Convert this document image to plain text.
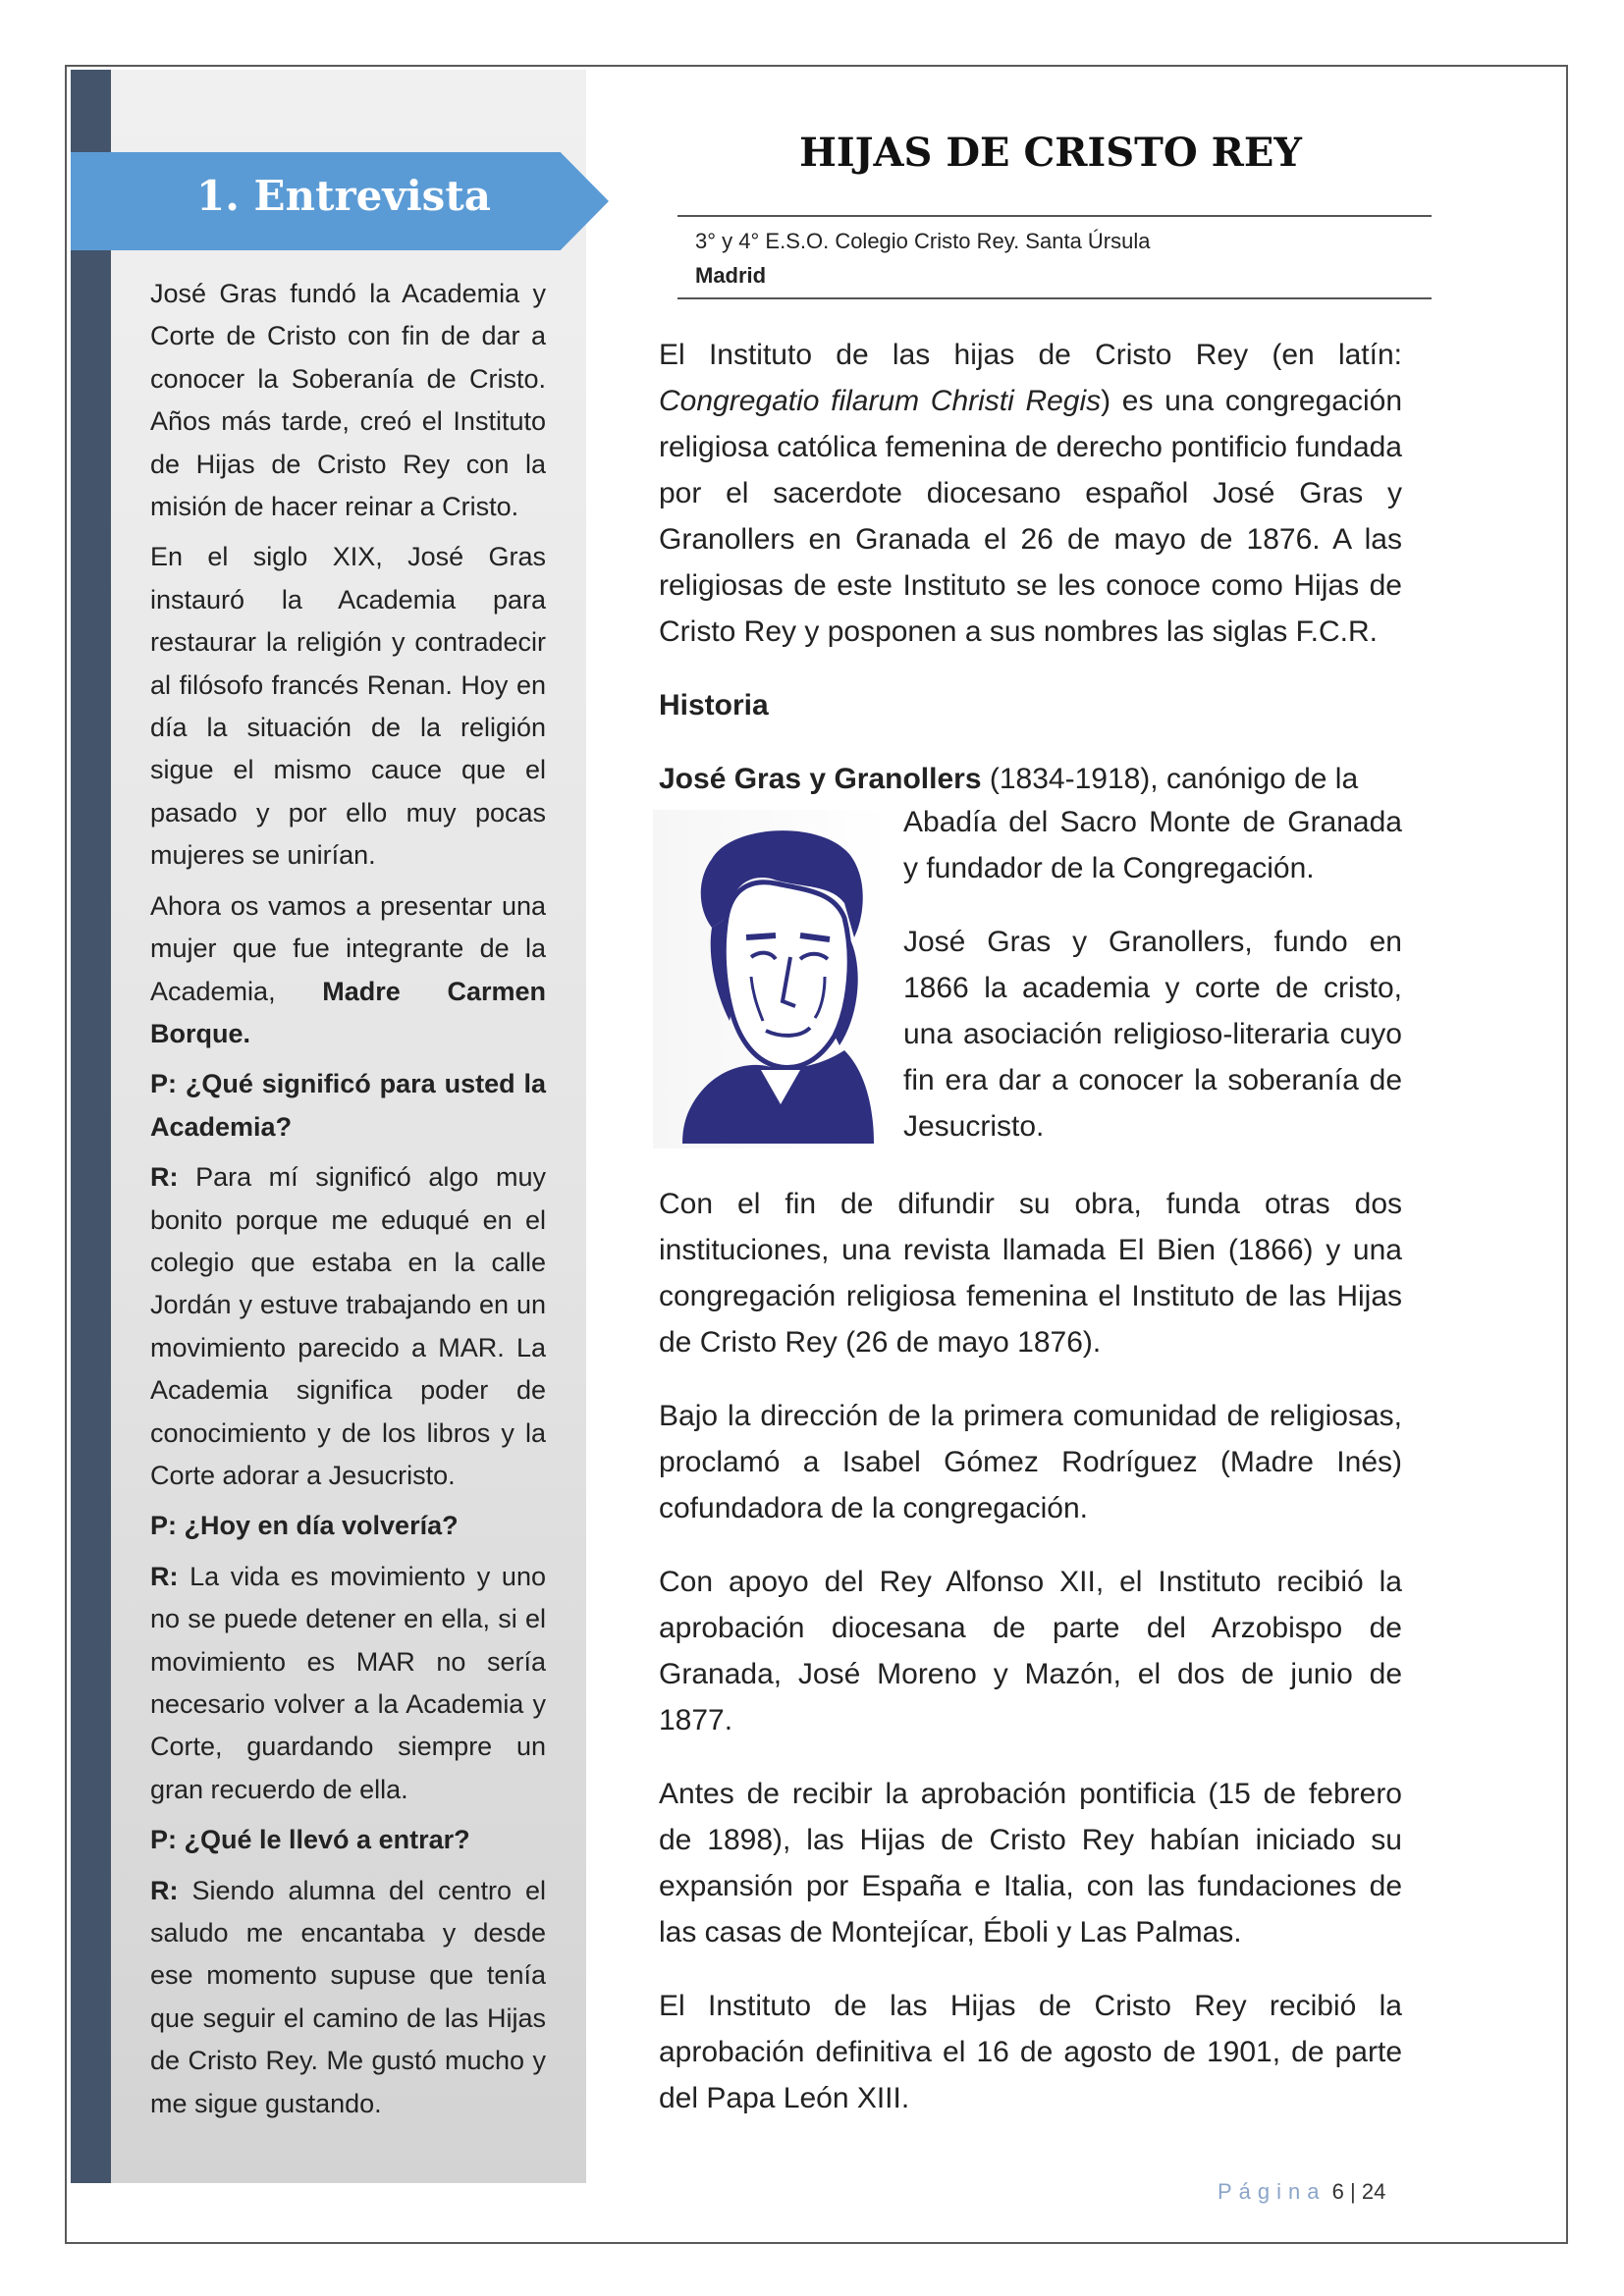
1. Entrevista

José Gras fundó la Academia y Corte de Cristo con fin de dar a conocer la Soberanía de Cristo. Años más tarde, creó el Instituto de Hijas de Cristo Rey con la misión de hacer reinar a Cristo.

En el siglo XIX, José Gras instauró la Academia para restaurar la religión y contradecir al filósofo francés Renan. Hoy en día la situación de la religión sigue el mismo cauce que el pasado y por ello muy pocas mujeres se unirían.

Ahora os vamos a presentar una mujer que fue integrante de la Academia, Madre Carmen Borque.

P: ¿Qué significó para usted la Academia?

R: Para mí significó algo muy bonito porque me eduqué en el colegio que estaba en la calle Jordán y estuve trabajando en un movimiento parecido a MAR. La Academia significa poder de conocimiento y de los libros y la Corte adorar a Jesucristo.

P: ¿Hoy en día volvería?

R: La vida es movimiento y uno no se puede detener en ella, si el movimiento es MAR no sería necesario volver a la Academia y Corte, guardando siempre un gran recuerdo de ella.

P: ¿Qué le llevó a entrar?

R: Siendo alumna del centro el saludo me encantaba y desde ese momento supuse que tenía que seguir el camino de las Hijas de Cristo Rey. Me gustó mucho y me sigue gustando.

HIJAS DE CRISTO REY
3° y 4° E.S.O. Colegio Cristo Rey. Santa Úrsula
Madrid

El Instituto de las hijas de Cristo Rey (en latín: Congregatio filarum Christi Regis) es una congregación religiosa católica femenina de derecho pontificio fundada por el sacerdote diocesano español José Gras y Granollers en Granada el 26 de mayo de 1876. A las religiosas de este Instituto se les conoce como Hijas de Cristo Rey y posponen a sus nombres las siglas F.C.R.

Historia

José Gras y Granollers (1834-1918), canónigo de la

Abadía del Sacro Monte de Granada y fundador de la Congregación.

José Gras y Granollers, fundo en 1866 la academia y corte de cristo, una asociación religioso-literaria cuyo fin era dar a conocer la soberanía de Jesucristo.

Con el fin de difundir su obra, funda otras dos instituciones, una revista llamada El Bien (1866) y una congregación religiosa femenina el Instituto de las Hijas de Cristo Rey (26 de mayo 1876).

Bajo la dirección de la primera comunidad de religiosas, proclamó a Isabel Gómez Rodríguez (Madre Inés) cofundadora de la congregación.

Con apoyo del Rey Alfonso XII, el Instituto recibió la aprobación diocesana de parte del Arzobispo de Granada, José Moreno y Mazón, el dos de junio de 1877.

Antes de recibir la aprobación pontificia (15 de febrero de 1898), las Hijas de Cristo Rey habían iniciado su expansión por España e Italia, con las fundaciones de las casas de Montejícar, Éboli y Las Palmas.

El Instituto de las Hijas de Cristo Rey recibió la aprobación definitiva el 16 de agosto de 1901, de parte del Papa León XIII.

Página 6 | 24
